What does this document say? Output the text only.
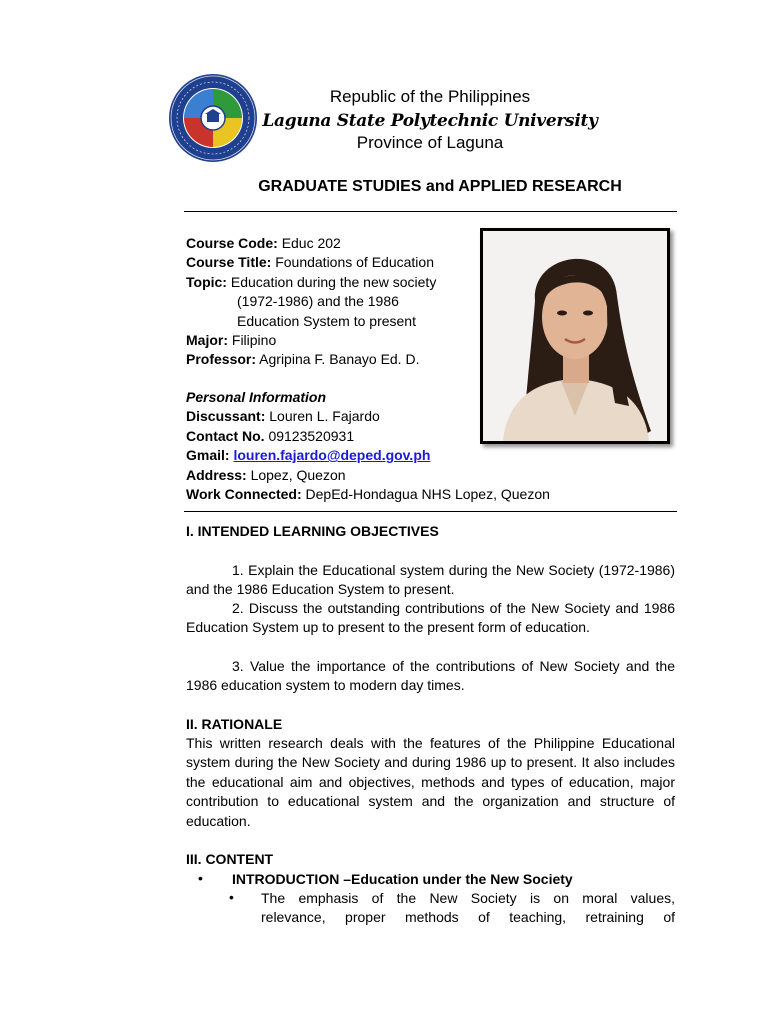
Republic of the Philippines
Laguna State Polytechnic University
Province of Laguna
GRADUATE STUDIES and APPLIED RESEARCH
Course Code: Educ 202
Course Title: Foundations of Education
Topic: Education during the new society
(1972-1986) and the 1986
Education System to present
Major: Filipino
Professor: Agripina F. Banayo Ed. D.
Personal Information
Discussant: Louren L. Fajardo
Contact No. 09123520931
Gmail: louren.fajardo@deped.gov.ph
Address: Lopez, Quezon
Work Connected: DepEd-Hondagua NHS Lopez, Quezon
I. INTENDED LEARNING OBJECTIVES
1. Explain the Educational system during the New Society (1972-1986) and the 1986 Education System to present.
2. Discuss the outstanding contributions of the New Society and 1986 Education System up to present to the present form of education.
3. Value the importance of the contributions of New Society and the 1986 education system to modern day times.
II. RATIONALE
This written research deals with the features of the Philippine Educational system during the New Society and during 1986 up to present. It also includes the educational aim and objectives, methods and types of education, major contribution to educational system and the organization and structure of education.
III. CONTENT
• INTRODUCTION –Education under the New Society
• The emphasis of the New Society is on moral values,
relevance, proper methods of teaching, retraining of
